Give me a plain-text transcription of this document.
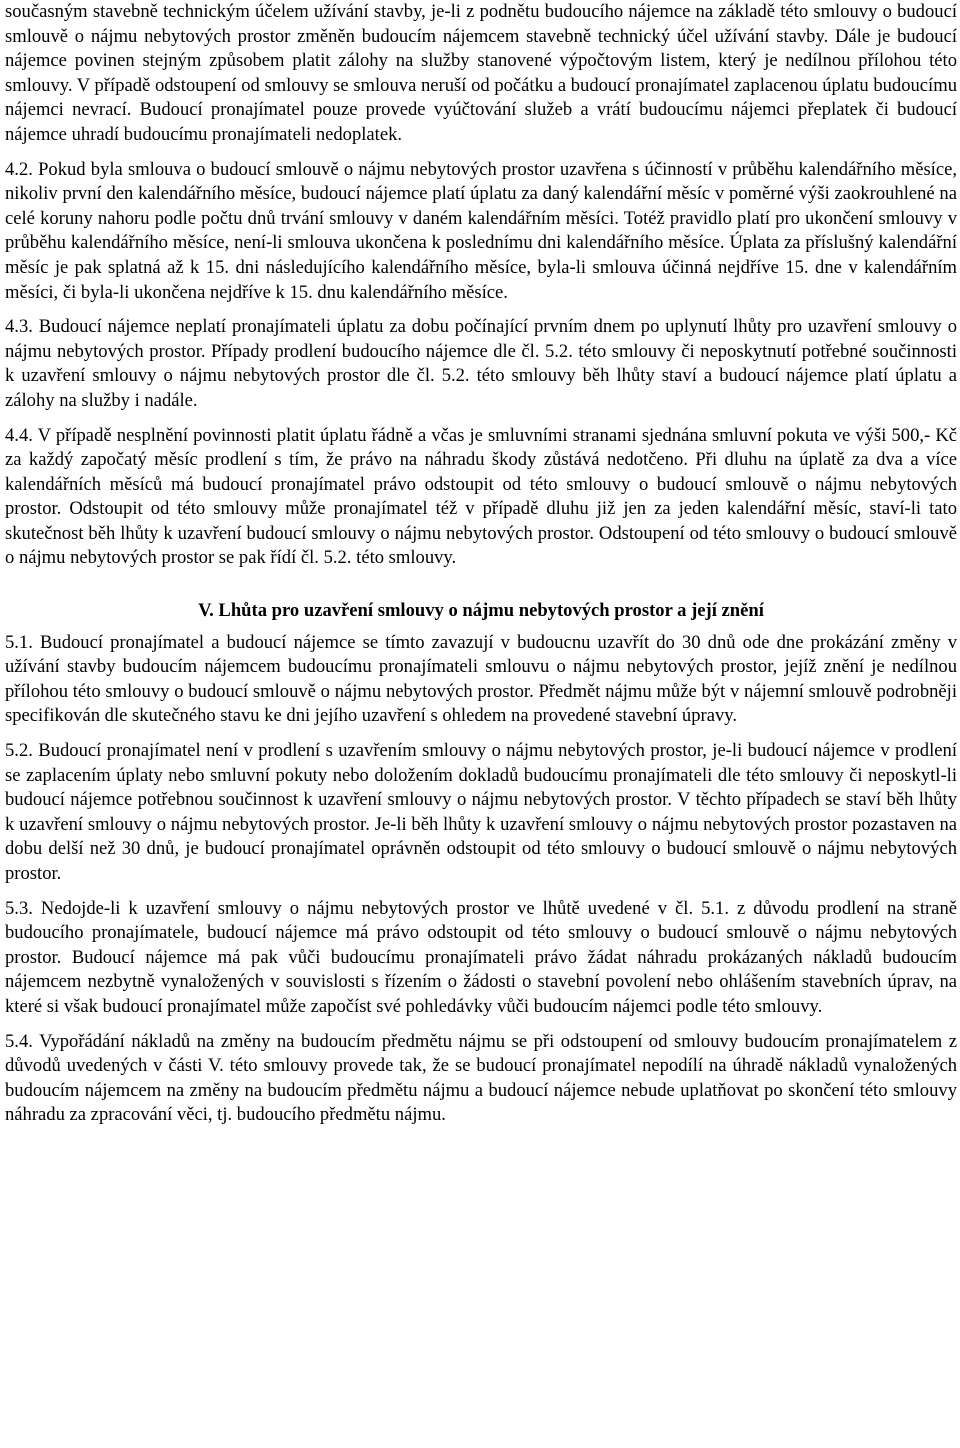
současným stavebně technickým účelem užívání stavby, je-li z podnětu budoucího nájemce na základě této smlouvy o budoucí smlouvě o nájmu nebytových prostor změněn budoucím nájemcem stavebně technický účel užívání stavby. Dále je budoucí nájemce povinen stejným způsobem platit zálohy na služby stanovené výpočtovým listem, který je nedílnou přílohou této smlouvy. V případě odstoupení od smlouvy se smlouva neruší od počátku a budoucí pronajímatel zaplacenou úplatu budoucímu nájemci nevrací. Budoucí pronajímatel pouze provede vyúčtování služeb a vrátí budoucímu nájemci přeplatek či budoucí nájemce uhradí budoucímu pronajímateli nedoplatek.

4.2. Pokud byla smlouva o budoucí smlouvě o nájmu nebytových prostor uzavřena s účinností v průběhu kalendářního měsíce, nikoliv první den kalendářního měsíce, budoucí nájemce platí úplatu za daný kalendářní měsíc v poměrné výši zaokrouhlené na celé koruny nahoru podle počtu dnů trvání smlouvy v daném kalendářním měsíci. Totéž pravidlo platí pro ukončení smlouvy v průběhu kalendářního měsíce, není-li smlouva ukončena k poslednímu dni kalendářního měsíce. Úplata za příslušný kalendářní měsíc je pak splatná až k 15. dni následujícího kalendářního měsíce, byla-li smlouva účinná nejdříve 15. dne v kalendářním měsíci, či byla-li ukončena nejdříve k 15. dnu kalendářního měsíce.

4.3. Budoucí nájemce neplatí pronajímateli úplatu za dobu počínající prvním dnem po uplynutí lhůty pro uzavření smlouvy o nájmu nebytových prostor. Případy prodlení budoucího nájemce dle čl. 5.2. této smlouvy či neposkytnutí potřebné součinnosti k uzavření smlouvy o nájmu nebytových prostor dle čl. 5.2. této smlouvy běh lhůty staví a budoucí nájemce platí úplatu a zálohy na služby i nadále.

4.4. V případě nesplnění povinnosti platit úplatu řádně a včas je smluvními stranami sjednána smluvní pokuta ve výši 500,- Kč za každý započatý měsíc prodlení s tím, že právo na náhradu škody zůstává nedotčeno. Při dluhu na úplatě za dva a více kalendářních měsíců má budoucí pronajímatel právo odstoupit od této smlouvy o budoucí smlouvě o nájmu nebytových prostor. Odstoupit od této smlouvy může pronajímatel též v případě dluhu již jen za jeden kalendářní měsíc, staví-li tato skutečnost běh lhůty k uzavření budoucí smlouvy o nájmu nebytových prostor. Odstoupení od této smlouvy o budoucí smlouvě o nájmu nebytových prostor se pak řídí čl. 5.2. této smlouvy.

V. Lhůta pro uzavření smlouvy o nájmu nebytových prostor a její znění

5.1. Budoucí pronajímatel a budoucí nájemce se tímto zavazují v budoucnu uzavřít do 30 dnů ode dne prokázání změny v užívání stavby budoucím nájemcem budoucímu pronajímateli smlouvu o nájmu nebytových prostor, jejíž znění je nedílnou přílohou této smlouvy o budoucí smlouvě o nájmu nebytových prostor. Předmět nájmu může být v nájemní smlouvě podrobněji specifikován dle skutečného stavu ke dni jejího uzavření s ohledem na provedené stavební úpravy.

5.2. Budoucí pronajímatel není v prodlení s uzavřením smlouvy o nájmu nebytových prostor, je-li budoucí nájemce v prodlení se zaplacením úplaty nebo smluvní pokuty nebo doložením dokladů budoucímu pronajímateli dle této smlouvy či neposkytl-li budoucí nájemce potřebnou součinnost k uzavření smlouvy o nájmu nebytových prostor. V těchto případech se staví běh lhůty k uzavření smlouvy o nájmu nebytových prostor. Je-li běh lhůty k uzavření smlouvy o nájmu nebytových prostor pozastaven na dobu delší než 30 dnů, je budoucí pronajímatel oprávněn odstoupit od této smlouvy o budoucí smlouvě o nájmu nebytových prostor.

5.3. Nedojde-li k uzavření smlouvy o nájmu nebytových prostor ve lhůtě uvedené v čl. 5.1. z důvodu prodlení na straně budoucího pronajímatele, budoucí nájemce má právo odstoupit od této smlouvy o budoucí smlouvě o nájmu nebytových prostor. Budoucí nájemce má pak vůči budoucímu pronajímateli právo žádat náhradu prokázaných nákladů budoucím nájemcem nezbytně vynaložených v souvislosti s řízením o žádosti o stavební povolení nebo ohlášením stavebních úprav, na které si však budoucí pronajímatel může započíst své pohledávky vůči budoucím nájemci podle této smlouvy.

5.4. Vypořádání nákladů na změny na budoucím předmětu nájmu se při odstoupení od smlouvy budoucím pronajímatelem z důvodů uvedených v části V. této smlouvy provede tak, že se budoucí pronajímatel nepodílí na úhradě nákladů vynaložených budoucím nájemcem na změny na budoucím předmětu nájmu a budoucí nájemce nebude uplatňovat po skončení této smlouvy náhradu za zpracování věci, tj. budoucího předmětu nájmu.
